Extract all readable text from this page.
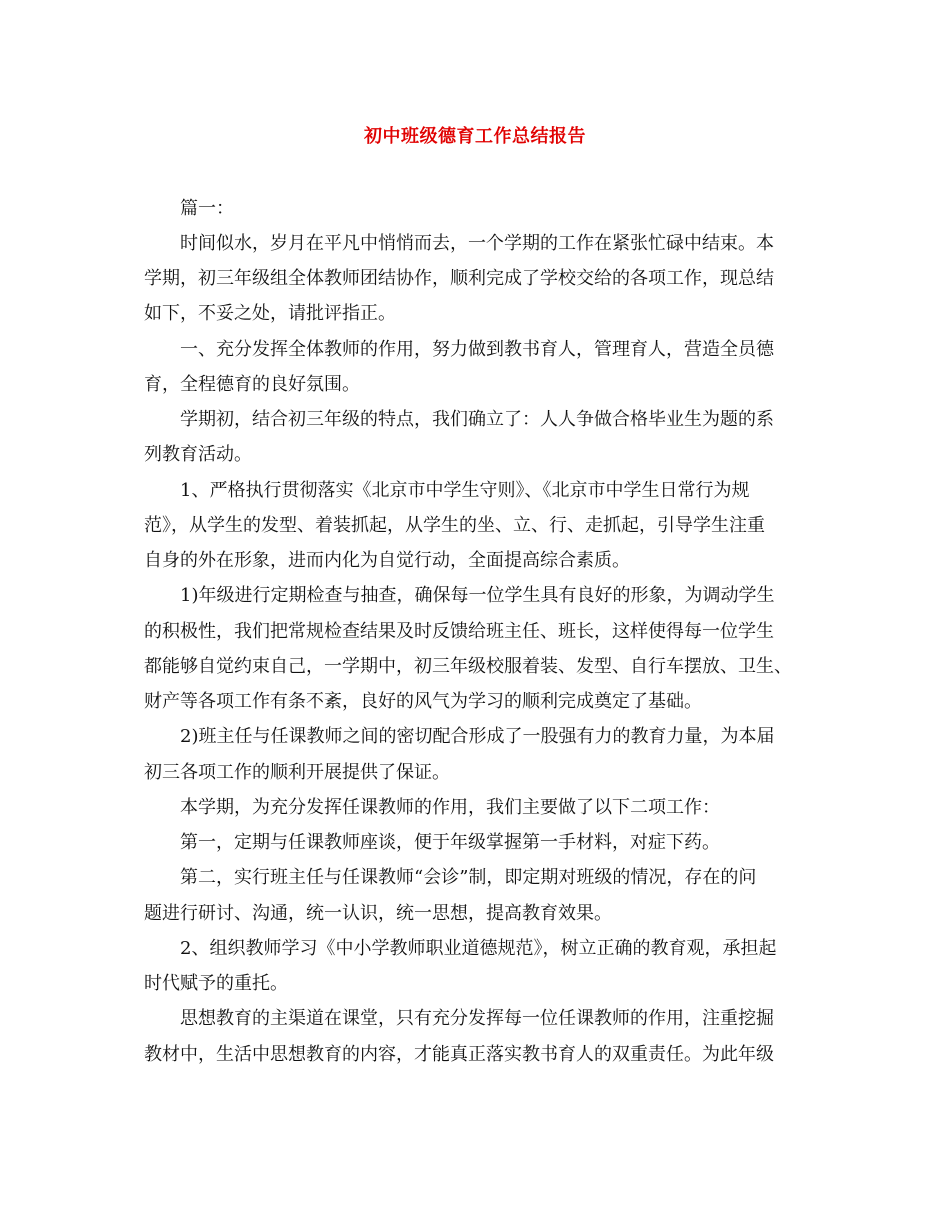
初中班级德育工作总结报告
篇一：
时间似水，岁月在平凡中悄悄而去，一个学期的工作在紧张忙碌中结束。本
学期，初三年级组全体教师团结协作，顺利完成了学校交给的各项工作，现总结
如下，不妥之处，请批评指正。
一、充分发挥全体教师的作用，努力做到教书育人，管理育人，营造全员德
育，全程德育的良好氛围。
学期初，结合初三年级的特点，我们确立了：人人争做合格毕业生为题的系
列教育活动。
1、严格执行贯彻落实《北京市中学生守则》、《北京市中学生日常行为规
范》，从学生的发型、着装抓起，从学生的坐、立、行、走抓起，引导学生注重
自身的外在形象，进而内化为自觉行动，全面提高综合素质。
1)年级进行定期检查与抽查，确保每一位学生具有良好的形象，为调动学生
的积极性，我们把常规检查结果及时反馈给班主任、班长，这样使得每一位学生
都能够自觉约束自己，一学期中，初三年级校服着装、发型、自行车摆放、卫生、
财产等各项工作有条不紊，良好的风气为学习的顺利完成奠定了基础。
2)班主任与任课教师之间的密切配合形成了一股强有力的教育力量，为本届
初三各项工作的顺利开展提供了保证。
本学期，为充分发挥任课教师的作用，我们主要做了以下二项工作：
第一，定期与任课教师座谈，便于年级掌握第一手材料，对症下药。
第二，实行班主任与任课教师“会诊”制，即定期对班级的情况，存在的问
题进行研讨、沟通，统一认识，统一思想，提高教育效果。
2、组织教师学习《中小学教师职业道德规范》，树立正确的教育观，承担起
时代赋予的重托。
思想教育的主渠道在课堂，只有充分发挥每一位任课教师的作用，注重挖掘
教材中，生活中思想教育的内容，才能真正落实教书育人的双重责任。为此年级
